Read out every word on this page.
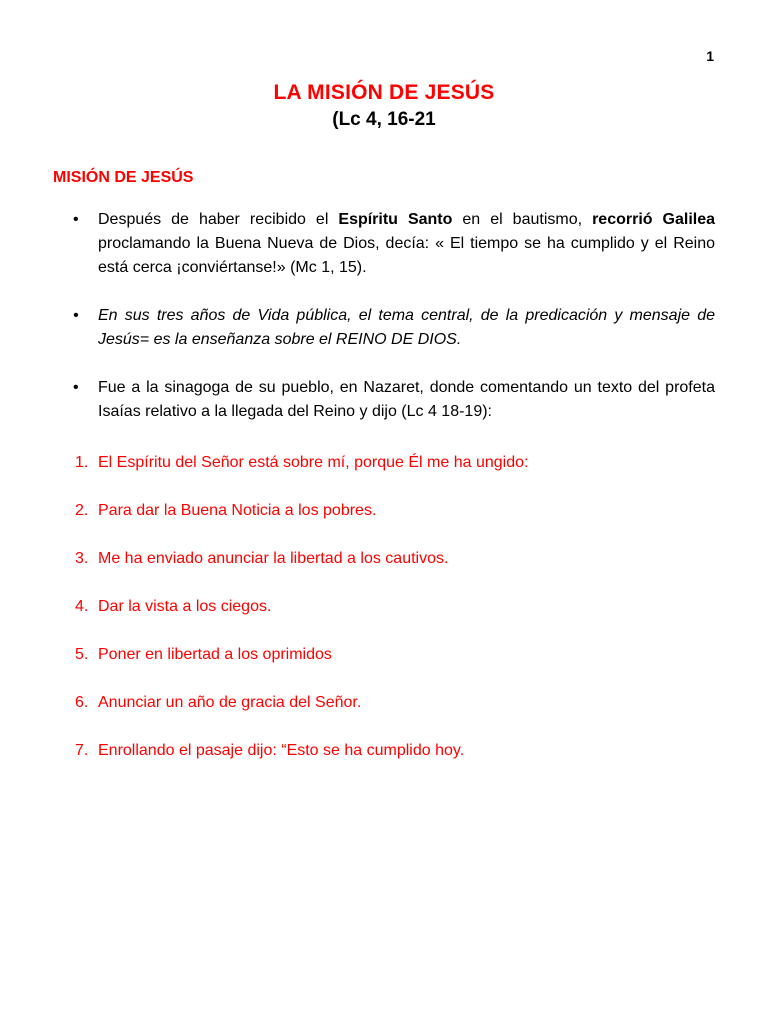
1
LA MISIÓN DE JESÚS
(Lc 4, 16-21
MISIÓN DE JESÚS
• Después de haber recibido el Espíritu Santo en el bautismo, recorrió Galilea proclamando la Buena Nueva de Dios, decía: « El tiempo se ha cumplido y el Reino está cerca ¡conviértanse!» (Mc 1, 15).
• En sus tres años de Vida pública, el tema central, de la predicación y mensaje de Jesús= es la enseñanza sobre el REINO DE DIOS.
• Fue a la sinagoga de su pueblo, en Nazaret, donde comentando un texto del profeta Isaías relativo a la llegada del Reino y dijo (Lc 4 18-19):
1. El Espíritu del Señor está sobre mí, porque Él me ha ungido:
2. Para dar la Buena Noticia a los pobres.
3. Me ha enviado anunciar la libertad a los cautivos.
4. Dar la vista a los ciegos.
5. Poner en libertad a los oprimidos
6. Anunciar un año de gracia del Señor.
7. Enrollando el pasaje dijo: “Esto se ha cumplido hoy.
